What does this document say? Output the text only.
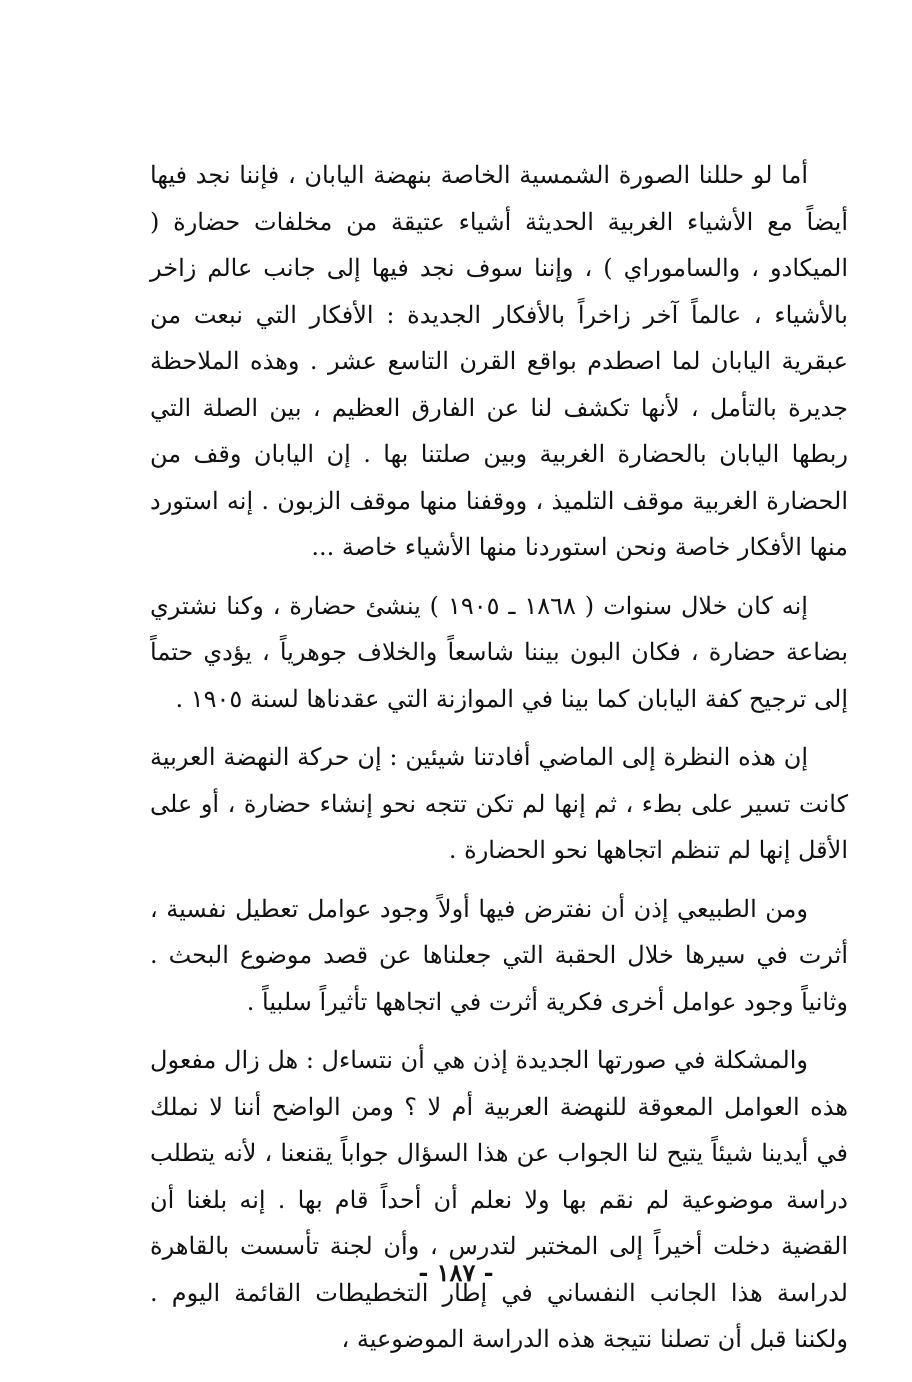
أما لو حللنا الصورة الشمسية الخاصة بنهضة اليابان ، فإننا نجد فيها أيضاً مع الأشياء الغربية الحديثة أشياء عتيقة من مخلفات حضارة ( الميكادو ، والساموراي ) ، وإننا سوف نجد فيها إلى جانب عالم زاخر بالأشياء ، عالماً آخر زاخراً بالأفكار الجديدة : الأفكار التي نبعت من عبقرية اليابان لما اصطدم بواقع القرن التاسع عشر . وهذه الملاحظة جديرة بالتأمل ، لأنها تكشف لنا عن الفارق العظيم ، بين الصلة التي ربطها اليابان بالحضارة الغربية وبين صلتنا بها . إن اليابان وقف من الحضارة الغربية موقف التلميذ ، ووقفنا منها موقف الزبون . إنه استورد منها الأفكار خاصة ونحن استوردنا منها الأشياء خاصة ...

إنه كان خلال سنوات ( ١٨٦٨ ـ ١٩٠٥ ) ينشئ حضارة ، وكنا نشتري بضاعة حضارة ، فكان البون بيننا شاسعاً والخلاف جوهرياً ، يؤدي حتماً إلى ترجيح كفة اليابان كما بينا في الموازنة التي عقدناها لسنة ١٩٠٥ .

إن هذه النظرة إلى الماضي أفادتنا شيئين : إن حركة النهضة العربية كانت تسير على بطء ، ثم إنها لم تكن تتجه نحو إنشاء حضارة ، أو على الأقل إنها لم تنظم اتجاهها نحو الحضارة .

ومن الطبيعي إذن أن نفترض فيها أولاً وجود عوامل تعطيل نفسية ، أثرت في سيرها خلال الحقبة التي جعلناها عن قصد موضوع البحث . وثانياً وجود عوامل أخرى فكرية أثرت في اتجاهها تأثيراً سلبياً .

والمشكلة في صورتها الجديدة إذن هي أن نتساءل : هل زال مفعول هذه العوامل المعوقة للنهضة العربية أم لا ؟ ومن الواضح أننا لا نملك في أيدينا شيئاً يتيح لنا الجواب عن هذا السؤال جواباً يقنعنا ، لأنه يتطلب دراسة موضوعية لم نقم بها ولا نعلم أن أحداً قام بها . إنه بلغنا أن القضية دخلت أخيراً إلى المختبر لتدرس ، وأن لجنة تأسست بالقاهرة لدراسة هذا الجانب النفساني في إطار التخطيطات القائمة اليوم . ولكننا قبل أن تصلنا نتيجة هذه الدراسة الموضوعية ،

- ١٨٧ -
